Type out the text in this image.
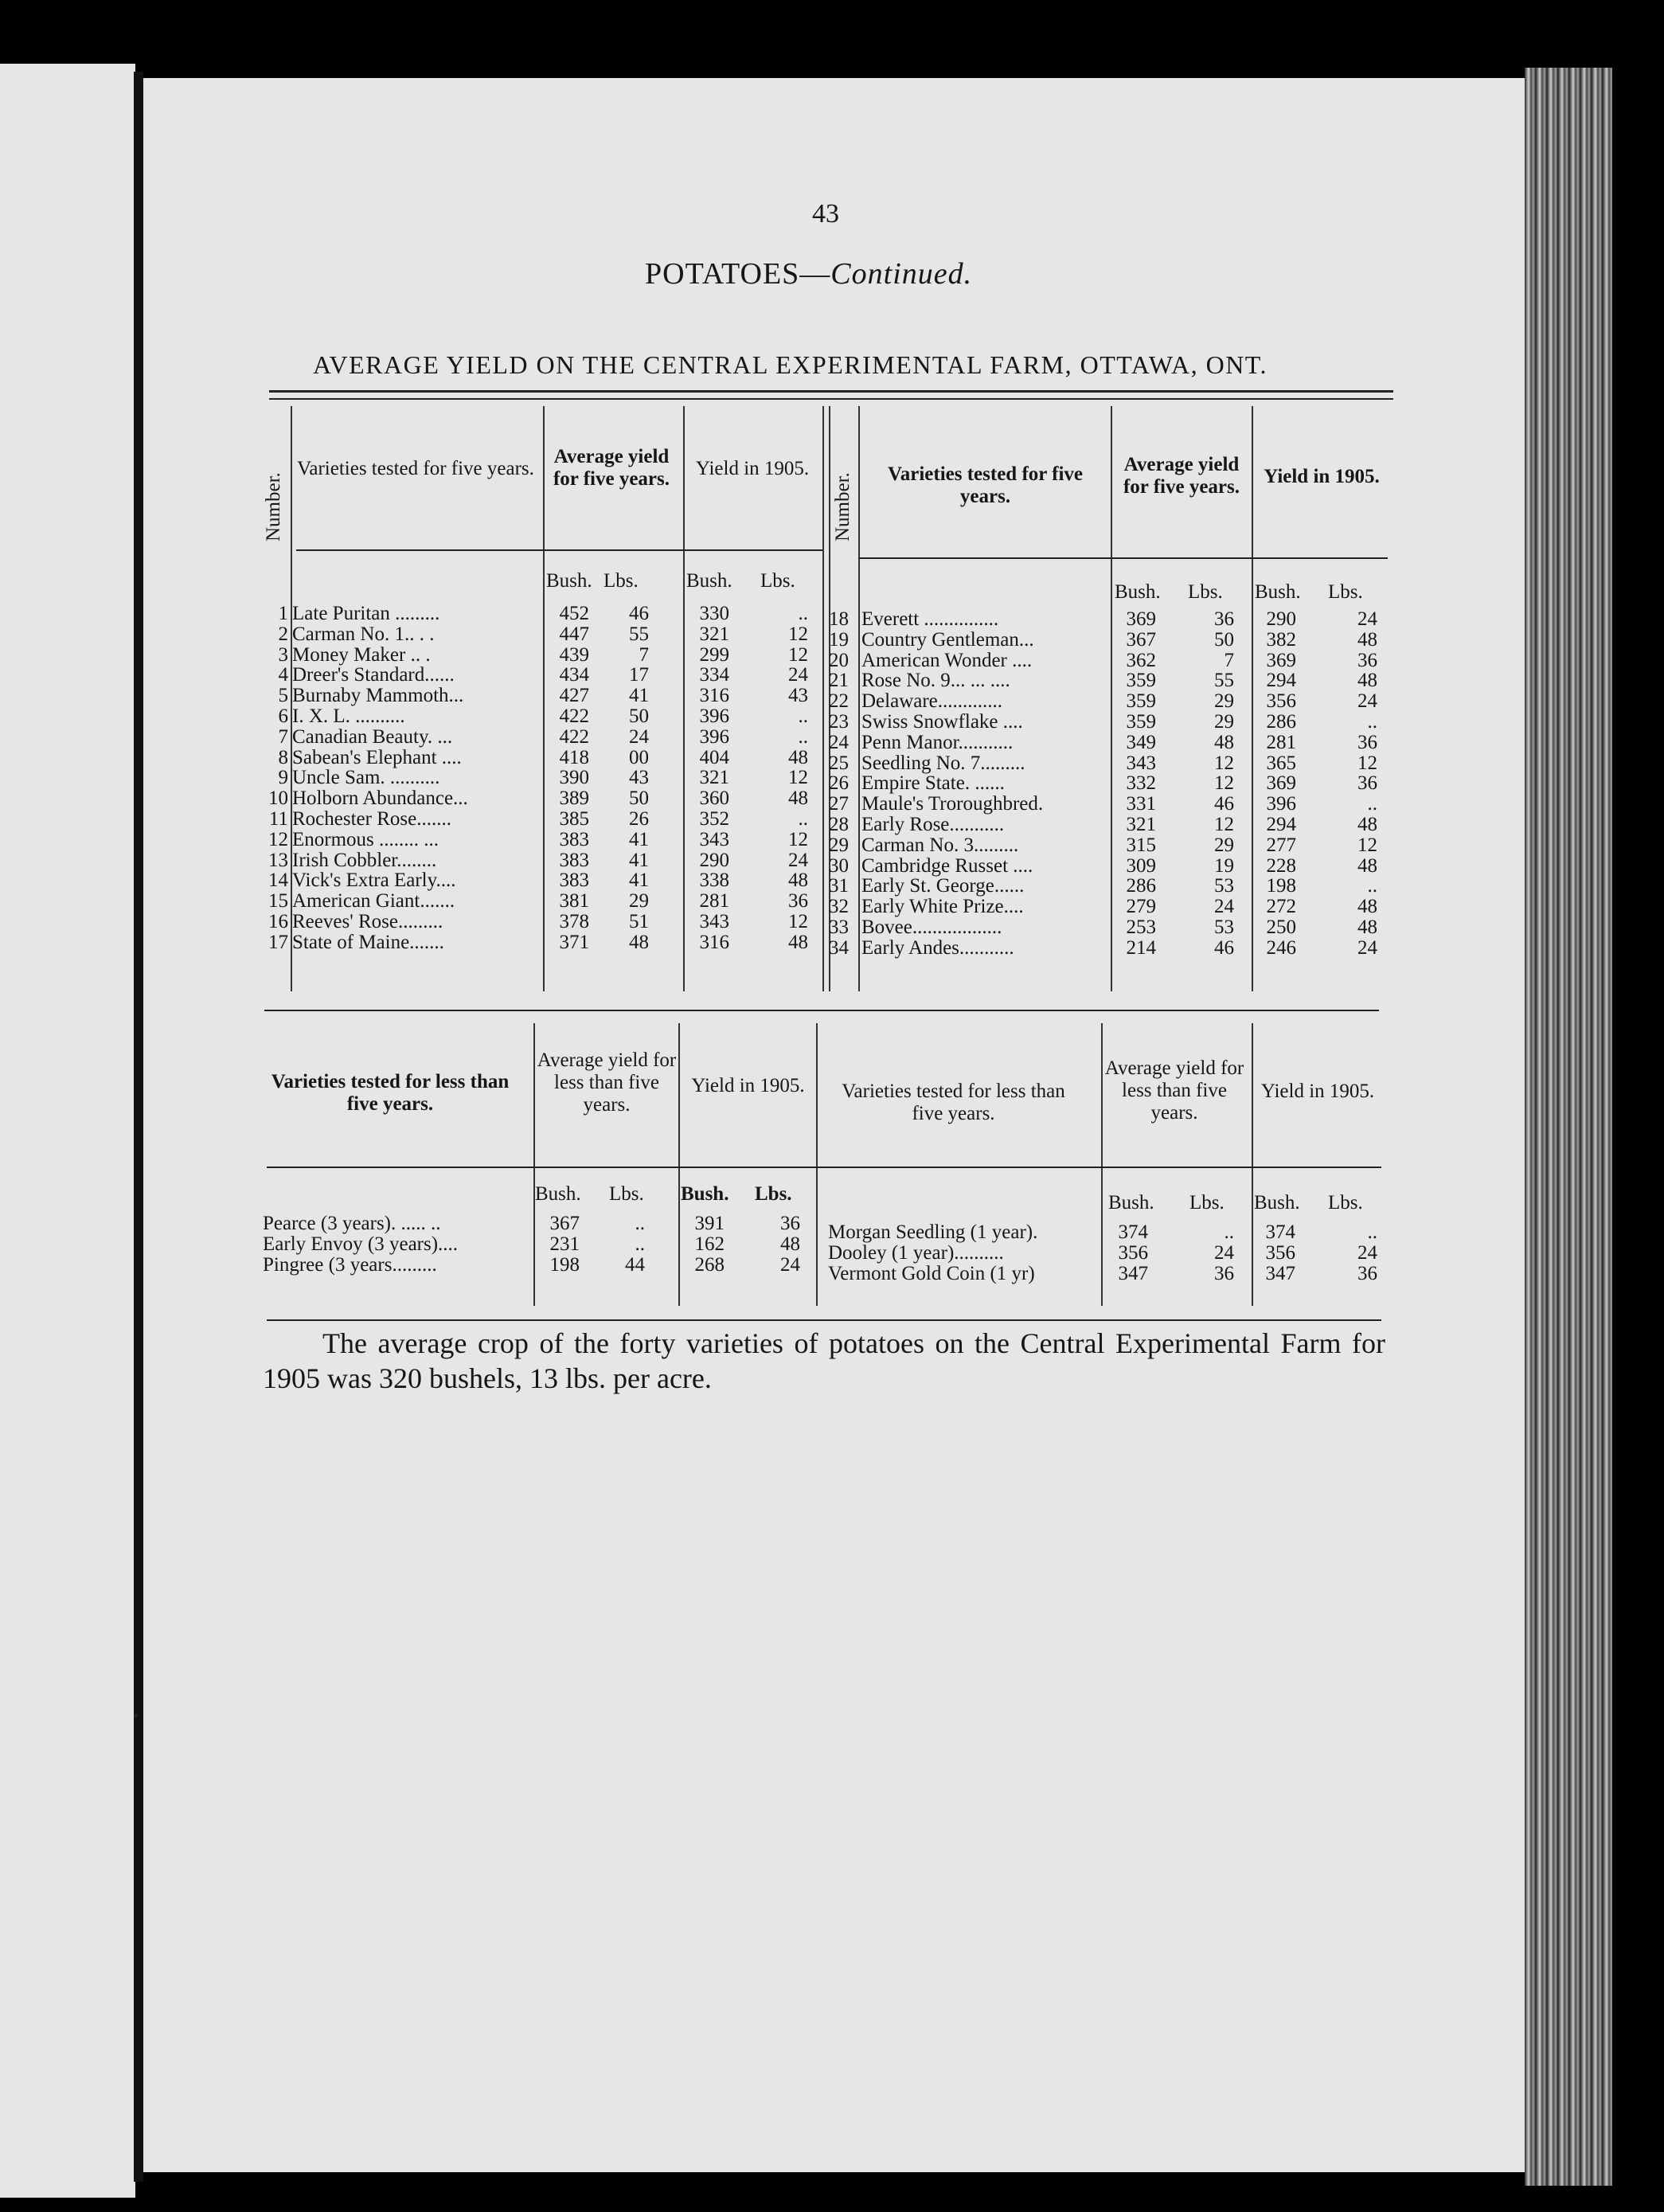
43
POTATOES—Continued.
AVERAGE YIELD ON THE CENTRAL EXPERIMENTAL FARM, OTTAWA, ONT.
Number.
Varieties tested for five years.
Average yield for five years.	Yield in 1905.
Number.	Varieties tested for five years.
Average yield for five years.	Yield in 1905.
Bush. Lbs. Bush. Lbs.
Bush. Lbs. Bush. Lbs.
1 Late Puritan .........	452	46	330	..
2 Carman No. 1.. . .	447	55	321	12
3 Money Maker .. .	439	7	299	12
4 Dreer's Standard......	434	17	334	24
5 Burnaby Mammoth...	427	41	316	43
6 I. X. L. ..........	422	50	396	..
7 Canadian Beauty. ...	422	24	396	..
8 Sabean's Elephant ....	418	00	404	48
9 Uncle Sam. ..........	390	43	321	12
10 Holborn Abundance...	389	50	360	48
11 Rochester Rose.......	385	26	352	..
12 Enormous ........ ...	383	41	343	12
13 Irish Cobbler........	383	41	290	24
14 Vick's Extra Early....	383	41	338	48
15 American Giant.......	381	29	281	36
16 Reeves' Rose.........	378	51	343	12
17 State of Maine.......	371	48	316	48
18 Everett ...............	369	36	290	24
19 Country Gentleman...	367	50	382	48
20 American Wonder ....	362	7	369	36
21 Rose No. 9... ... ....	359	55	294	48
22 Delaware.............	359	29	356	24
23 Swiss Snowflake ....	359	29	286	..
24 Penn Manor...........	349	48	281	36
25 Seedling No. 7.........	343	12	365	12
26 Empire State. ......	332	12	369	36
27 Maule's Troroughbred.	331	46	396	..
28 Early Rose...........	321	12	294	48
29 Carman No. 3.........	315	29	277	12
30 Cambridge Russet ....	309	19	228	48
31 Early St. George......	286	53	198	..
32 Early White Prize....	279	24	272	48
33 Bovee..................	253	53	250	48
34 Early Andes...........	214	46	246	24
Varieties tested for less than five years.
Average yield for less than five years.
Yield in 1905.	Varieties tested for less than five years.
Average yield for less than five years.
Yield in 1905.
Bush. Lbs. Bush. Lbs.	Bush. Lbs. Bush. Lbs.
Pearce (3 years). ..... ..	367	..	391	36
Early Envoy (3 years)....	231	..	162	48
Pingree (3 years.........	198	44	268	24
Morgan Seedling (1 year).	374	..	374	..
Dooley (1 year)..........	356	24	356	24
Vermont Gold Coin (1 yr)	347	36	347	36
The average crop of the forty varieties of potatoes on the Central Experimental Farm for 1905 was 320 bushels, 13 lbs. per acre.
